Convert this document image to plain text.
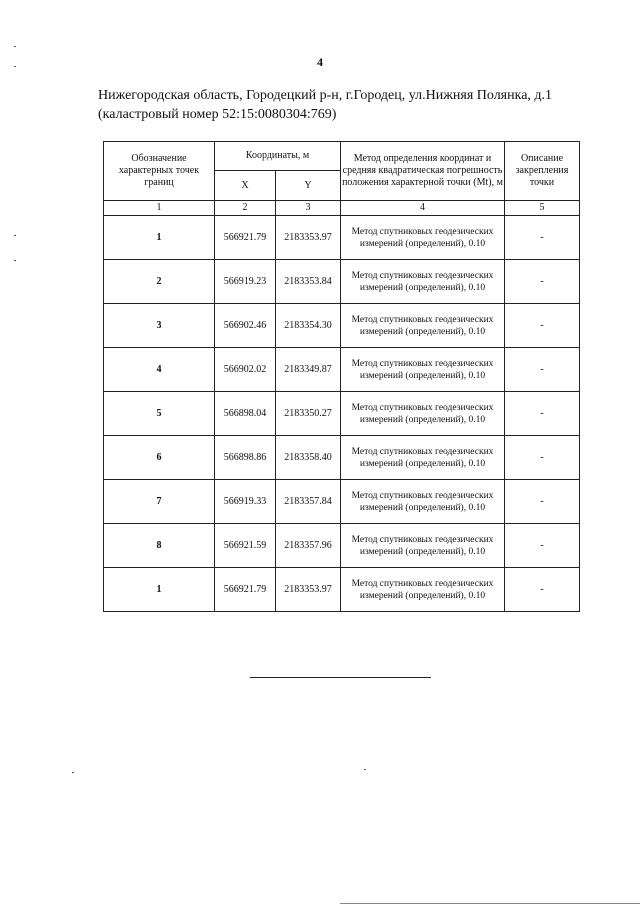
4
Нижегородская область, Городецкий р-н, г.Городец, ул.Нижняя Полянка, д.1
(каластровый номер 52:15:0080304:769)
Обозначение характерных точек границ	Координаты, м		Метод определения координат и средняя квадратическая погрешность положения характерной точки (Mt), м	Описание закрепления точки
	X	Y		
1	2	3	4	5
1	566921.79	2183353.97	Метод спутниковых геодезических измерений (определений), 0.10	-
2	566919.23	2183353.84	Метод спутниковых геодезических измерений (определений), 0.10	-
3	566902.46	2183354.30	Метод спутниковых геодезических измерений (определений), 0.10	-
4	566902.02	2183349.87	Метод спутниковых геодезических измерений (определений), 0.10	-
5	566898.04	2183350.27	Метод спутниковых геодезических измерений (определений), 0.10	-
6	566898.86	2183358.40	Метод спутниковых геодезических измерений (определений), 0.10	-
7	566919.33	2183357.84	Метод спутниковых геодезических измерений (определений), 0.10	-
8	566921.59	2183357.96	Метод спутниковых геодезических измерений (определений), 0.10	-
1	566921.79	2183353.97	Метод спутниковых геодезических измерений (определений), 0.10	-
